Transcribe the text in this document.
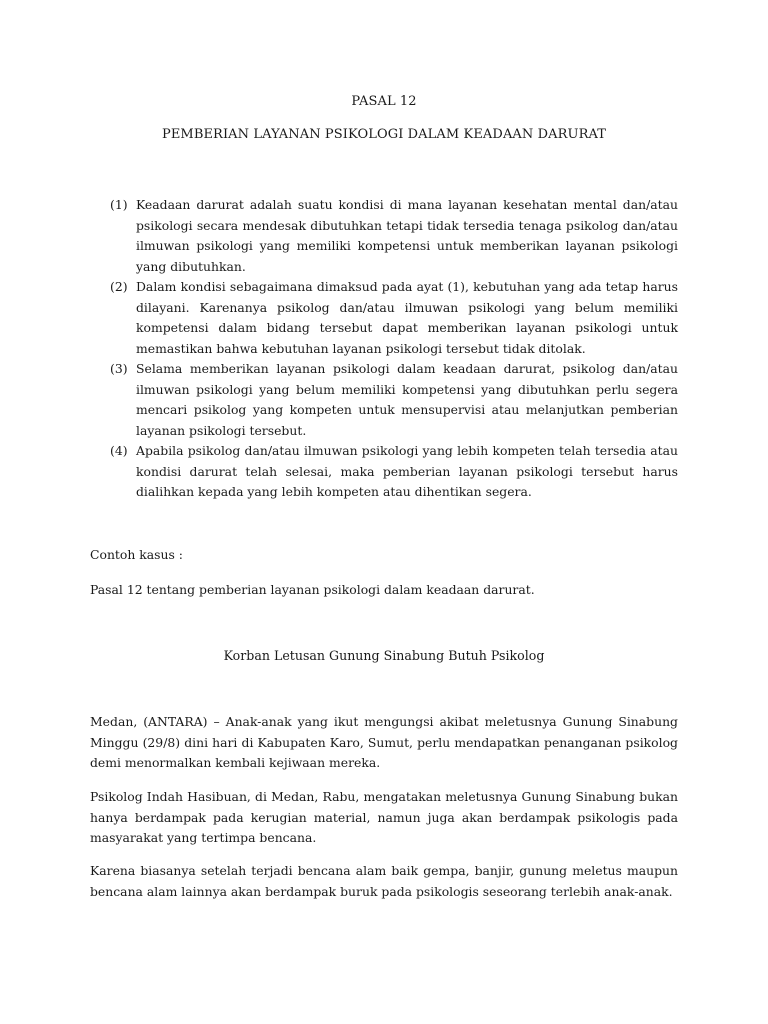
PASAL 12
PEMBERIAN LAYANAN PSIKOLOGI DALAM KEADAAN DARURAT
(1) Keadaan darurat adalah suatu kondisi di mana layanan kesehatan mental dan/atau psikologi secara mendesak dibutuhkan tetapi tidak tersedia tenaga psikolog dan/atau ilmuwan psikologi yang memiliki kompetensi untuk memberikan layanan psikologi yang dibutuhkan.
(2) Dalam kondisi sebagaimana dimaksud pada ayat (1), kebutuhan yang ada tetap harus dilayani. Karenanya psikolog dan/atau ilmuwan psikologi yang belum memiliki kompetensi dalam bidang tersebut dapat memberikan layanan psikologi untuk memastikan bahwa kebutuhan layanan psikologi tersebut tidak ditolak.
(3) Selama memberikan layanan psikologi dalam keadaan darurat, psikolog dan/atau ilmuwan psikologi yang belum memiliki kompetensi yang dibutuhkan perlu segera mencari psikolog yang kompeten untuk mensupervisi atau melanjutkan pemberian layanan psikologi tersebut.
(4) Apabila psikolog dan/atau ilmuwan psikologi yang lebih kompeten telah tersedia atau kondisi darurat telah selesai, maka pemberian layanan psikologi tersebut harus dialihkan kepada yang lebih kompeten atau dihentikan segera.

Contoh kasus :

Pasal 12 tentang pemberian layanan psikologi dalam keadaan darurat.

Korban Letusan Gunung Sinabung Butuh Psikolog

Medan, (ANTARA) – Anak-anak yang ikut mengungsi akibat meletusnya Gunung Sinabung Minggu (29/8) dini hari di Kabupaten Karo, Sumut, perlu mendapatkan penanganan psikolog demi menormalkan kembali kejiwaan mereka.

Psikolog Indah Hasibuan, di Medan, Rabu, mengatakan meletusnya Gunung Sinabung bukan hanya berdampak pada kerugian material, namun juga akan berdampak psikologis pada masyarakat yang tertimpa bencana.

Karena biasanya setelah terjadi bencana alam baik gempa, banjir, gunung meletus maupun bencana alam lainnya akan berdampak buruk pada psikologis seseorang terlebih anak-anak.
